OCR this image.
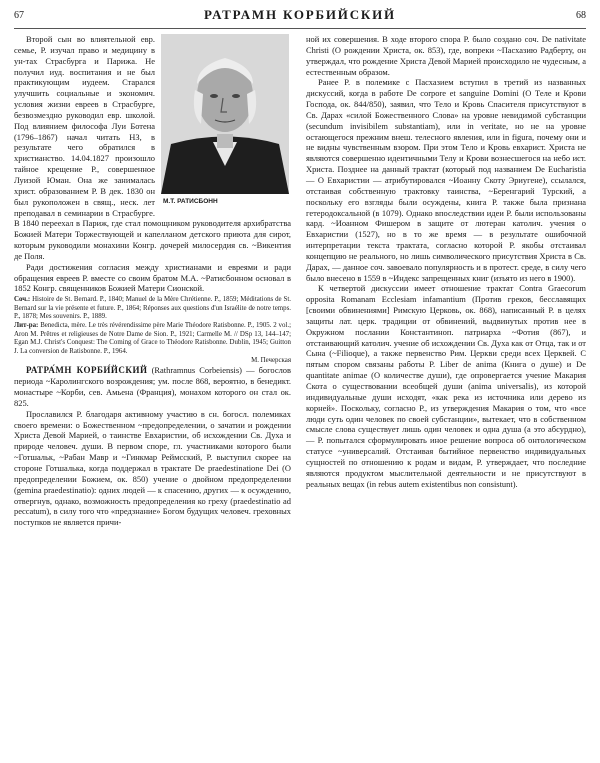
67	РАТРАМН КОРБИЙСКИЙ	68
М.Т. РАТИСБОНН

Второй сын во влиятельной евр. семье, Р. изучал право и медицину в ун-тах Страсбурга и Парижа. Не получил иуд. воспитания и не был практикующим иудеем. Старался улучшить социальные и экономич. условия жизни евреев в Страсбурге, безвозмездно руководил евр. школой. Под влиянием философа Луи Ботена (1796–1867) начал читать НЗ, в результате чего обратился в христианство. 14.04.1827 произошло тайное крещение Р., совершенное Луизой Юман. Она же занималась христ. образованием Р. В дек. 1830 он был рукоположен в свящ., неск. лет преподавал в семинарии в Страсбурге. В 1840 переехал в Париж, где стал помощником руководителя архибратства Божией Матери Торжествующей и капелланом детского приюта для сирот, которым руководили монахини Конгр. дочерей милосердия св. ~Викентия де Поля.

Ради достижения согласия между христианами и евреями и ради обращения евреев Р. вместе со своим братом М.А. ~Ратисбонном основал в 1852 Конгр. священников Божией Матери Сионской.

Соч.: Histoire de St. Bernard. P., 1840; Manuel de la Mère Chrétienne. P., 1859; Méditations de St. Bernard sur la vie présente et future. P., 1864; Réponses aux questions d'un Israélite de notre temps. P., 1878; Mes souvenirs. P., 1889.

Лит-ра: Benedicta, mère. Le très révérendissime père Marie Théodore Ratisbonne. P., 1905. 2 vol.; Aron M. Prêtres et religieuses de Notre Dame de Sion. P., 1921; Carmelle M. // DSp 13, 144–147; Egan M.J. Christ's Conquest: The Coming of Grace to Théodore Ratisbonne. Dublin, 1945; Guitton J. La conversion de Ratisbonne. P., 1964.

М. Печерская

РАТРА́МН КОРБИ́ЙСКИЙ (Rathramnus Corbeiensis) — богослов периода ~Каролингского возрождения; ум. после 868, вероятно, в бенедикт. монастыре ~Корби, сев. Амьена (Франция), монахом которого он стал ок. 825.

Прославился Р. благодаря активному участию в сн. богосл. полемиках своего времени: о Божественном ~предопределении, о зачатии и рождении Христа Девой Марией, о таинстве Евхаристии, об исхождении Св. Духа и природе человеч. души. В первом споре, гл. участниками которого были ~Готшальк, ~Рабан Мавр и ~Гинкмар Реймсский, Р. выступил скорее на стороне Готшалька, когда поддержал в трактате De praedestinatione Dei (О предопределении Божием, ок. 850) учение о двойном предопределении (gemina praedestinatio): одних людей — к спасению, других — к осуждению, отвергнув, однако, возможность предопределения ко греху (praedestinatio ad peccatum), в силу того что «предзнание» Богом будущих человеч. греховных поступков не является причи-

ной их совершения. В ходе второго спора Р. было создано соч. De nativitate Christi (О рождении Христа, ок. 853), где, вопреки ~Пасхазию Радберту, он утверждал, что рождение Христа Девой Марией происходило не чудесным, а естественным образом.

Ранее Р. в полемике с Пасхазием вступил в третий из названных дискуссий, когда в работе De corpore et sanguine Domini (О Теле и Крови Господа, ок. 844/850), заявил, что Тело и Кровь Спасителя присутствуют в Св. Дарах «силой Божественного Слова» на уровне невидимой субстанции (secundum invisibilem substantiam), или in veritate, но не на уровне остающегося прежним внеш. телесного явления, или in figura, почему они и не видны чувственным взором. При этом Тело и Кровь евхарист. Христа не являются совершенно идентичными Телу и Крови вознесшегося на небо ист. Христа. Позднее на данный трактат (который под названием De Eucharistia — О Евхаристии — атрибутировался ~Иоанну Скоту Эриугене), ссылался, отстаивая собственную трактовку таинства, ~Беренгарий Турский, а поскольку его взгляды были осуждены, книга Р. также была признана гетеродоксальной (в 1079). Однако впоследствии идеи Р. были использованы кард. ~Иоанном Фишером в защите от лютеран католич. учения о Евхаристии (1527), но в то же время — в результате ошибочной интерпретации текста трактата, согласно которой Р. якобы отстаивал концепцию не реального, но лишь символического присутствия Христа в Св. Дарах, — данное соч. завоевало популярность и в протест. среде, в силу чего было внесено в 1559 в ~Индекс запрещенных книг (изъято из него в 1900).

К четвертой дискуссии имеет отношение трактат Contra Graecorum opposita Romanam Ecclesiam infamantium (Против греков, бесславящих [своими обвинениями] Римскую Церковь, ок. 868), написанный Р. в целях защиты лат. церк. традиции от обвинений, выдвинутых против нее в Окружном послании Константиноп. патриарха ~Фотия (867), и отстаивающий католич. учение об исхождении Св. Духа как от Отца, так и от Сына (~Filioque), а также первенство Рим. Церкви среди всех Церквей. С пятым спором связаны работы Р. Liber de anima (Книга о душе) и De quantitate animae (О количестве души), где опровергается учение Макария Скота о существовании всеобщей души (anima universalis), из которой индивидуальные души исходят, «как река из источника или дерево из корней». Поскольку, согласно Р., из утверждения Макария о том, что «все люди суть один человек по своей субстанции», вытекает, что в собственном смысле слова существует лишь один человек и одна душа (а это абсурдно), — Р. попытался сформулировать иное решение вопроса об онтологическом статусе ~универсалий. Отстаивая бытийное первенство индивидуальных сущностей по отношению к родам и видам, Р. утверждает, что последние являются продуктом мыслительной деятельности и не присутствуют в реальных вещах (in rebus autem existentibus non consistunt).
